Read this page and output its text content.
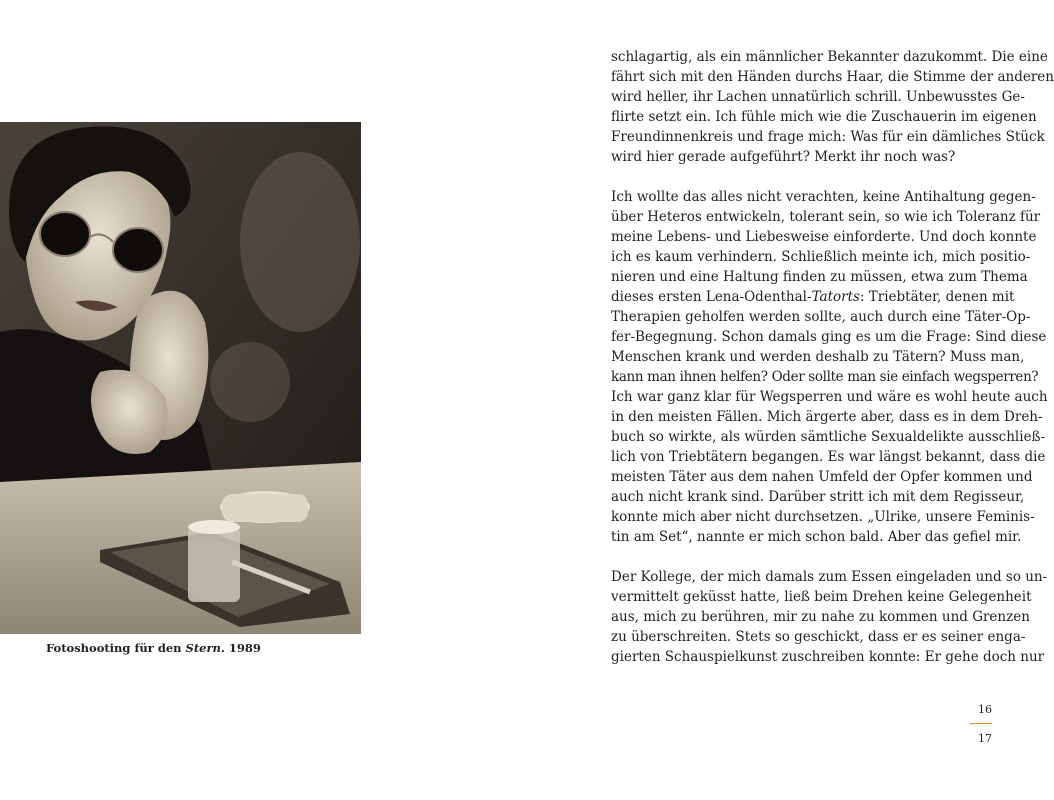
Fotoshooting für den Stern. 1989
schlagartig, als ein männlicher Bekannter dazukommt. Die eine
fährt sich mit den Händen durchs Haar, die Stimme der anderen
wird heller, ihr Lachen unnatürlich schrill. Unbewusstes Ge-
flirte setzt ein. Ich fühle mich wie die Zuschauerin im eigenen
Freundinnenkreis und frage mich: Was für ein dämliches Stück
wird hier gerade aufgeführt? Merkt ihr noch was?
Ich wollte das alles nicht verachten, keine Antihaltung gegen-
über Heteros entwickeln, tolerant sein, so wie ich Toleranz für
meine Lebens- und Liebesweise einforderte. Und doch konnte
ich es kaum verhindern. Schließlich meinte ich, mich positio-
nieren und eine Haltung finden zu müssen, etwa zum Thema
dieses ersten Lena-Odenthal-Tatorts: Triebtäter, denen mit
Therapien geholfen werden sollte, auch durch eine Täter-Op-
fer-Begegnung. Schon damals ging es um die Frage: Sind diese
Menschen krank und werden deshalb zu Tätern? Muss man,
kann man ihnen helfen? Oder sollte man sie einfach wegsperren?
Ich war ganz klar für Wegsperren und wäre es wohl heute auch
in den meisten Fällen. Mich ärgerte aber, dass es in dem Dreh-
buch so wirkte, als würden sämtliche Sexualdelikte ausschließ-
lich von Triebtätern begangen. Es war längst bekannt, dass die
meisten Täter aus dem nahen Umfeld der Opfer kommen und
auch nicht krank sind. Darüber stritt ich mit dem Regisseur,
konnte mich aber nicht durchsetzen. „Ulrike, unsere Feminis-
tin am Set“, nannte er mich schon bald. Aber das gefiel mir.
Der Kollege, der mich damals zum Essen eingeladen und so un-
vermittelt geküsst hatte, ließ beim Drehen keine Gelegenheit
aus, mich zu berühren, mir zu nahe zu kommen und Grenzen
zu überschreiten. Stets so geschickt, dass er es seiner enga-
gierten Schauspielkunst zuschreiben konnte: Er gehe doch nur
16
17
